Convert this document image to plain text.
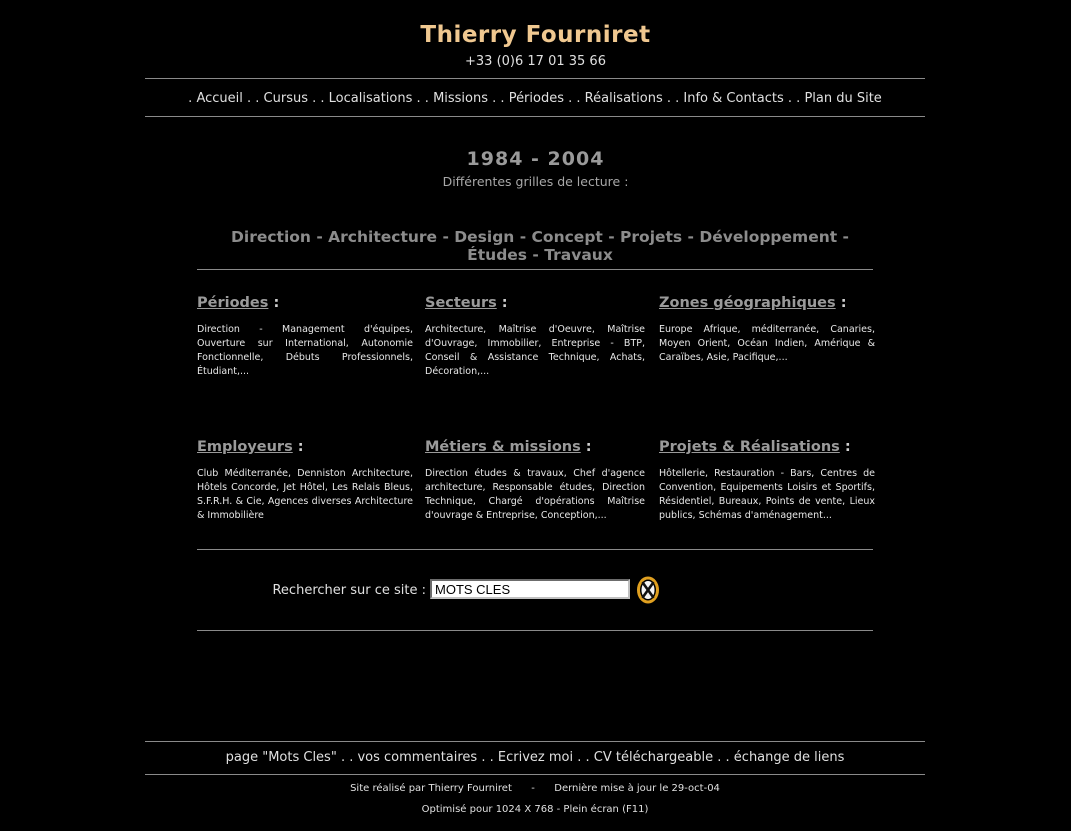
Thierry Fourniret
+33 (0)6 17 01 35 66
. Accueil . . Cursus . . Localisations . . Missions . . Périodes . . Réalisations . . Info & Contacts . . Plan du Site
1984 - 2004
Différentes grilles de lecture :
Direction - Architecture - Design - Concept - Projets - Développement - Études - Travaux
Périodes :

Direction - Management d'équipes, Ouverture sur International, Autonomie Fonctionnelle, Débuts Professionnels, Étudiant,...

Secteurs :

Architecture, Maîtrise d'Oeuvre, Maîtrise d'Ouvrage, Immobilier, Entreprise - BTP, Conseil & Assistance Technique, Achats, Décoration,...

Zones géographiques :

Europe Afrique, méditerranée, Canaries, Moyen Orient, Océan Indien, Amérique & Caraïbes, Asie, Pacifique,...

Employeurs :

Club Méditerranée, Denniston Architecture, Hôtels Concorde, Jet Hôtel, Les Relais Bleus, S.F.R.H. & Cie, Agences diverses Architecture & Immobilière

Métiers & missions :

Direction études & travaux, Chef d'agence architecture, Responsable études, Direction Technique, Chargé d'opérations Maîtrise d'ouvrage & Entreprise, Conception,...

Projets & Réalisations :

Hôtellerie, Restauration - Bars, Centres de Convention, Equipements Loisirs et Sportifs, Résidentiel, Bureaux, Points de vente, Lieux publics, Schémas d'aménagement...

Rechercher sur ce site :
MOTS CLES
page "Mots Cles" . . vos commentaires . . Ecrivez moi . . CV téléchargeable . . échange de liens
Site réalisé par Thierry Fourniret - Dernière mise à jour le 29-oct-04
Optimisé pour 1024 X 768 - Plein écran (F11)
